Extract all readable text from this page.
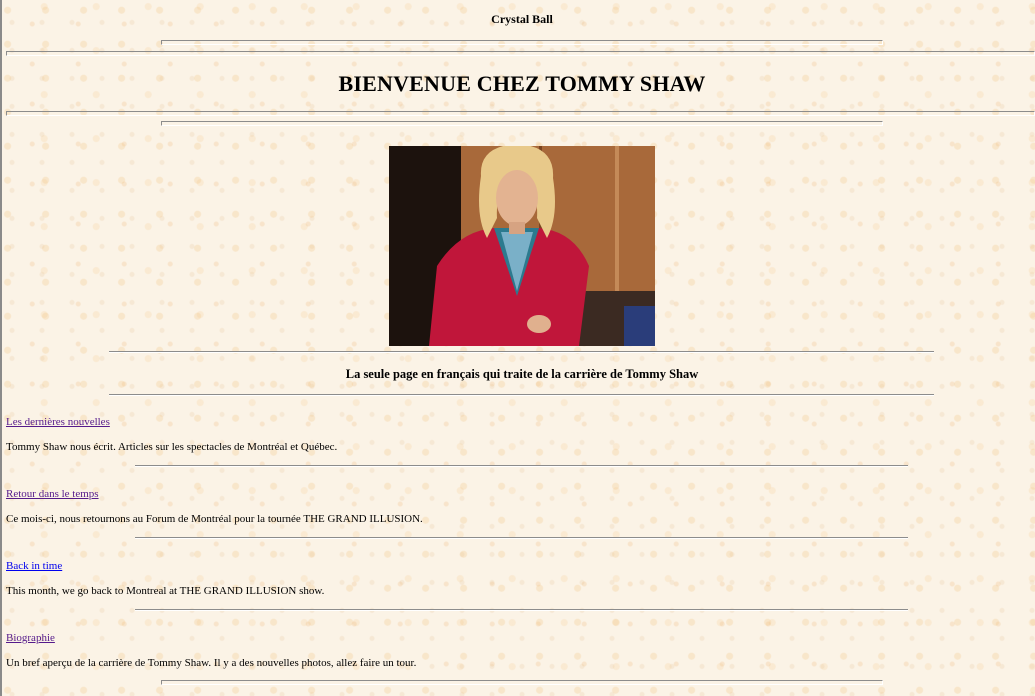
Crystal Ball
BIENVENUE CHEZ TOMMY SHAW
La seule page en français qui traite de la carrière de Tommy Shaw
Les dernières nouvelles
Tommy Shaw nous écrit. Articles sur les spectacles de Montréal et Québec.
Retour dans le temps
Ce mois-ci, nous retournons au Forum de Montréal pour la tournée THE GRAND ILLUSION.
Back in time
This month, we go back to Montreal at THE GRAND ILLUSION show.
Biographie
Un bref aperçu de la carrière de Tommy Shaw. Il y a des nouvelles photos, allez faire un tour.
